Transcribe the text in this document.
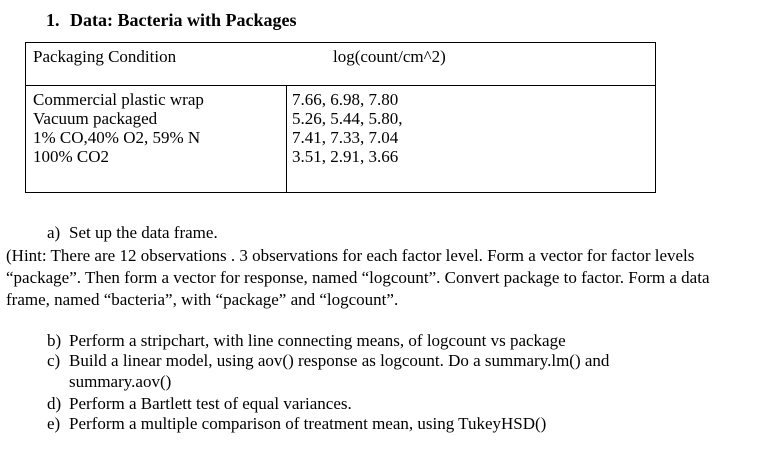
1. Data: Bacteria with Packages
Packaging Condition	log(count/cm^2)
Commercial plastic wrap
Vacuum packaged
1% CO,40% O2, 59% N
100% CO2
7.66, 6.98, 7.80
5.26, 5.44, 5.80,
7.41, 7.33, 7.04
3.51, 2.91, 3.66
a) Set up the data frame.

(Hint: There are 12 observations . 3 observations for each factor level. Form a vector for factor levels

“package”. Then form a vector for response, named “logcount”. Convert package to factor. Form a data

frame, named “bacteria”, with “package” and “logcount”.

b) Perform a stripchart, with line connecting means, of logcount vs package
c) Build a linear model, using aov() response as logcount. Do a summary.lm() and
summary.aov()
d) Perform a Bartlett test of equal variances.
e) Perform a multiple comparison of treatment mean, using TukeyHSD()
